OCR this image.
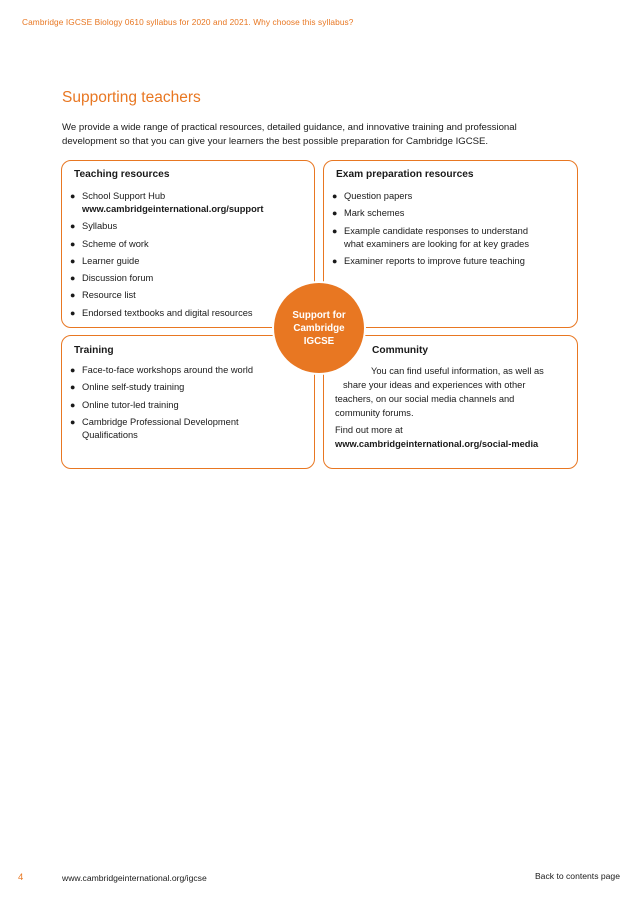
Cambridge IGCSE Biology 0610 syllabus for 2020 and 2021. Why choose this syllabus?
Supporting teachers

We provide a wide range of practical resources, detailed guidance, and innovative training and professional
development so that you can give your learners the best possible preparation for Cambridge IGCSE.

Teaching resources
● School Support Hub
www.cambridgeinternational.org/support
● Syllabus
● Scheme of work
● Learner guide
● Discussion forum
● Resource list
● Endorsed textbooks and digital resources
Exam preparation resources
● Question papers
● Mark schemes
● Example candidate responses to understand
what examiners are looking for at key grades
● Examiner reports to improve future teaching
Training
● Face-to-face workshops around the world
● Online self-study training
● Online tutor-led training
● Cambridge Professional Development
Qualifications
Community

You can find useful information, as well as
share your ideas and experiences with other
teachers, on our social media channels and
community forums.

Find out more at
www.cambridgeinternational.org/social-media

Support for
Cambridge
IGCSE
4	www.cambridgeinternational.org/igcse	Back to contents page
